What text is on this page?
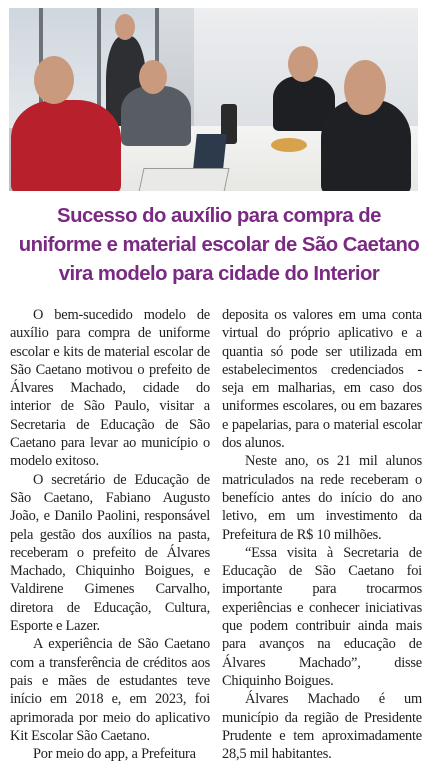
Sucesso do auxílio para compra de
uniforme e material escolar de São Caetano
vira modelo para cidade do Interior

O bem-sucedido modelo de auxílio para compra de uniforme escolar e kits de material escolar de São Caetano motivou o prefeito de Álvares Machado, cidade do interior de São Paulo, visitar a Secretaria de Educação de São Caetano para levar ao município o modelo exitoso.

O secretário de Educação de São Caetano, Fabiano Augusto João, e Danilo Paolini, responsável pela gestão dos auxílios na pasta, receberam o prefeito de Álvares Machado, Chiquinho Boigues, e Valdirene Gimenes Carvalho, diretora de Educação, Cultura, Esporte e Lazer.

A experiência de São Caetano com a transferência de créditos aos pais e mães de estudantes teve início em 2018 e, em 2023, foi aprimorada por meio do aplicativo Kit Escolar São Caetano.

Por meio do app, a Prefeitura

deposita os valores em uma conta virtual do próprio aplicativo e a quantia só pode ser utilizada em estabelecimentos credenciados - seja em malharias, em caso dos uniformes escolares, ou em bazares e papelarias, para o material escolar dos alunos.

Neste ano, os 21 mil alunos matriculados na rede receberam o benefício antes do início do ano letivo, em um investimento da Prefeitura de R$ 10 milhões.

“Essa visita à Secretaria de Educação de São Caetano foi importante para trocarmos experiências e conhecer iniciativas que podem contribuir ainda mais para avanços na educação de Álvares Machado”, disse Chiquinho Boigues.

Álvares Machado é um município da região de Presidente Prudente e tem aproximadamente 28,5 mil habitantes.
